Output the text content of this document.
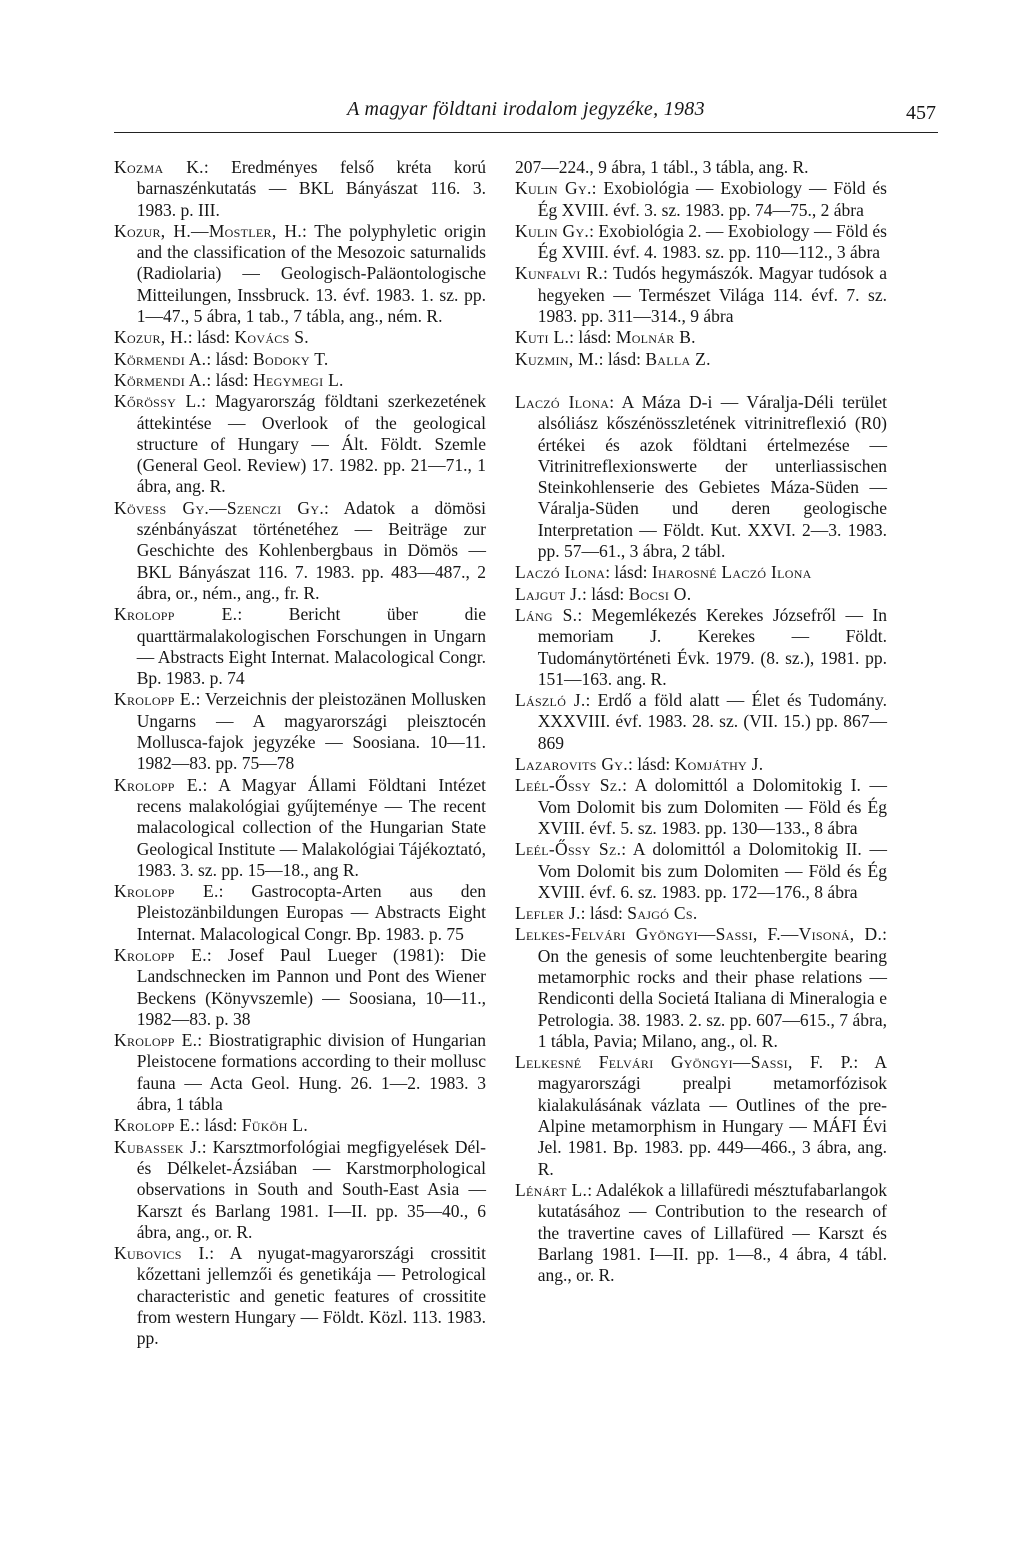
A magyar földtani irodalom jegyzéke, 1983	457
Kozma K.: Eredményes felső kréta korú barnaszénkutatás — BKL Bányászat 116. 3. 1983. p. III.
Kozur, H.—Mostler, H.: The polyphyletic origin and the classification of the Mesozoic saturnalids (Radiolaria) — Geologisch-Paläontologische Mitteilungen, Inssbruck. 13. évf. 1983. 1. sz. pp. 1—47., 5 ábra, 1 tab., 7 tábla, ang., ném. R.
Kozur, H.: lásd: Kovács S.
Körmendi A.: lásd: Bodoky T.
Körmendi A.: lásd: Hegymegi L.
Kőrössy L.: Magyarország földtani szerkezetének áttekintése — Overlook of the geological structure of Hungary — Ált. Földt. Szemle (General Geol. Review) 17. 1982. pp. 21—71., 1 ábra, ang. R.
Kövess Gy.—Szenczi Gy.: Adatok a dömösi szénbányászat történetéhez — Beiträge zur Geschichte des Kohlenbergbaus in Dömös — BKL Bányászat 116. 7. 1983. pp. 483—487., 2 ábra, or., ném., ang., fr. R.
Krolopp E.: Bericht über die quarttärmalakologischen Forschungen in Ungarn — Abstracts Eight Internat. Malacological Congr. Bp. 1983. p. 74
Krolopp E.: Verzeichnis der pleistozänen Mollusken Ungarns — A magyarországi pleisztocén Mollusca-fajok jegyzéke — Soosiana. 10—11. 1982—83. pp. 75—78
Krolopp E.: A Magyar Állami Földtani Intézet recens malakológiai gyűjteménye — The recent malacological collection of the Hungarian State Geological Institute — Malakológiai Tájékoztató, 1983. 3. sz. pp. 15—18., ang R.
Krolopp E.: Gastrocopta-Arten aus den Pleistozänbildungen Europas — Abstracts Eight Internat. Malacological Congr. Bp. 1983. p. 75
Krolopp E.: Josef Paul Lueger (1981): Die Landschnecken im Pannon und Pont des Wiener Beckens (Könyvszemle) — Soosiana, 10—11., 1982—83. p. 38
Krolopp E.: Biostratigraphic division of Hungarian Pleistocene formations according to their mollusc fauna — Acta Geol. Hung. 26. 1—2. 1983. 3 ábra, 1 tábla
Krolopp E.: lásd: Füköh L.
Kubassek J.: Karsztmorfológiai megfigyelések Dél- és Délkelet-Ázsiában — Karstmorphological observations in South and South-East Asia — Karszt és Barlang 1981. I—II. pp. 35—40., 6 ábra, ang., or. R.
Kubovics I.: A nyugat-magyarországi crossitit kőzettani jellemzői és genetikája — Petrological characteristic and genetic features of crossitite from western Hungary — Földt. Közl. 113. 1983. pp.
207—224., 9 ábra, 1 tábl., 3 tábla, ang. R.
Kulin Gy.: Exobiológia — Exobiology — Föld és Ég XVIII. évf. 3. sz. 1983. pp. 74—75., 2 ábra
Kulin Gy.: Exobiológia 2. — Exobiology — Föld és Ég XVIII. évf. 4. 1983. sz. pp. 110—112., 3 ábra
Kunfalvi R.: Tudós hegymászók. Magyar tudósok a hegyeken — Természet Világa 114. évf. 7. sz. 1983. pp. 311—314., 9 ábra
Kuti L.: lásd: Molnár B.
Kuzmin, M.: lásd: Balla Z.
Laczó Ilona: A Máza D-i — Váralja-Déli terület alsóliász kőszénösszletének vitrinitreflexió (R0) értékei és azok földtani értelmezése — Vitrinitreflexionswerte der unterliassischen Steinkohlenserie des Gebietes Máza-Süden — Váralja-Süden und deren geologische Interpretation — Földt. Kut. XXVI. 2—3. 1983. pp. 57—61., 3 ábra, 2 tábl.
Laczó Ilona: lásd: Iharosné Laczó Ilona
Lajgut J.: lásd: Bocsi O.
Láng S.: Megemlékezés Kerekes Józsefről — In memoriam J. Kerekes — Földt. Tudománytörténeti Évk. 1979. (8. sz.), 1981. pp. 151—163. ang. R.
László J.: Erdő a föld alatt — Élet és Tudomány. XXXVIII. évf. 1983. 28. sz. (VII. 15.) pp. 867—869
Lazarovits Gy.: lásd: Komjáthy J.
Leél-Őssy Sz.: A dolomittól a Dolomitokig I. — Vom Dolomit bis zum Dolomiten — Föld és Ég XVIII. évf. 5. sz. 1983. pp. 130—133., 8 ábra
Leél-Őssy Sz.: A dolomittól a Dolomitokig II. — Vom Dolomit bis zum Dolomiten — Föld és Ég XVIII. évf. 6. sz. 1983. pp. 172—176., 8 ábra
Lefler J.: lásd: Sajgó Cs.
Lelkes-Felvári Gyöngyi—Sassi, F.—Visoná, D.: On the genesis of some leuchtenbergite bearing metamorphic rocks and their phase relations — Rendiconti della Societá Italiana di Mineralogia e Petrologia. 38. 1983. 2. sz. pp. 607—615., 7 ábra, 1 tábla, Pavia; Milano, ang., ol. R.
Lelkesné Felvári Gyöngyi—Sassi, F. P.: A magyarországi prealpi metamorfózisok kialakulásának vázlata — Outlines of the pre-Alpine metamorphism in Hungary — MÁFI Évi Jel. 1981. Bp. 1983. pp. 449—466., 3 ábra, ang. R.
Lénárt L.: Adalékok a lillafüredi mésztufabarlangok kutatásához — Contribution to the research of the travertine caves of Lillafüred — Karszt és Barlang 1981. I—II. pp. 1—8., 4 ábra, 4 tábl. ang., or. R.
